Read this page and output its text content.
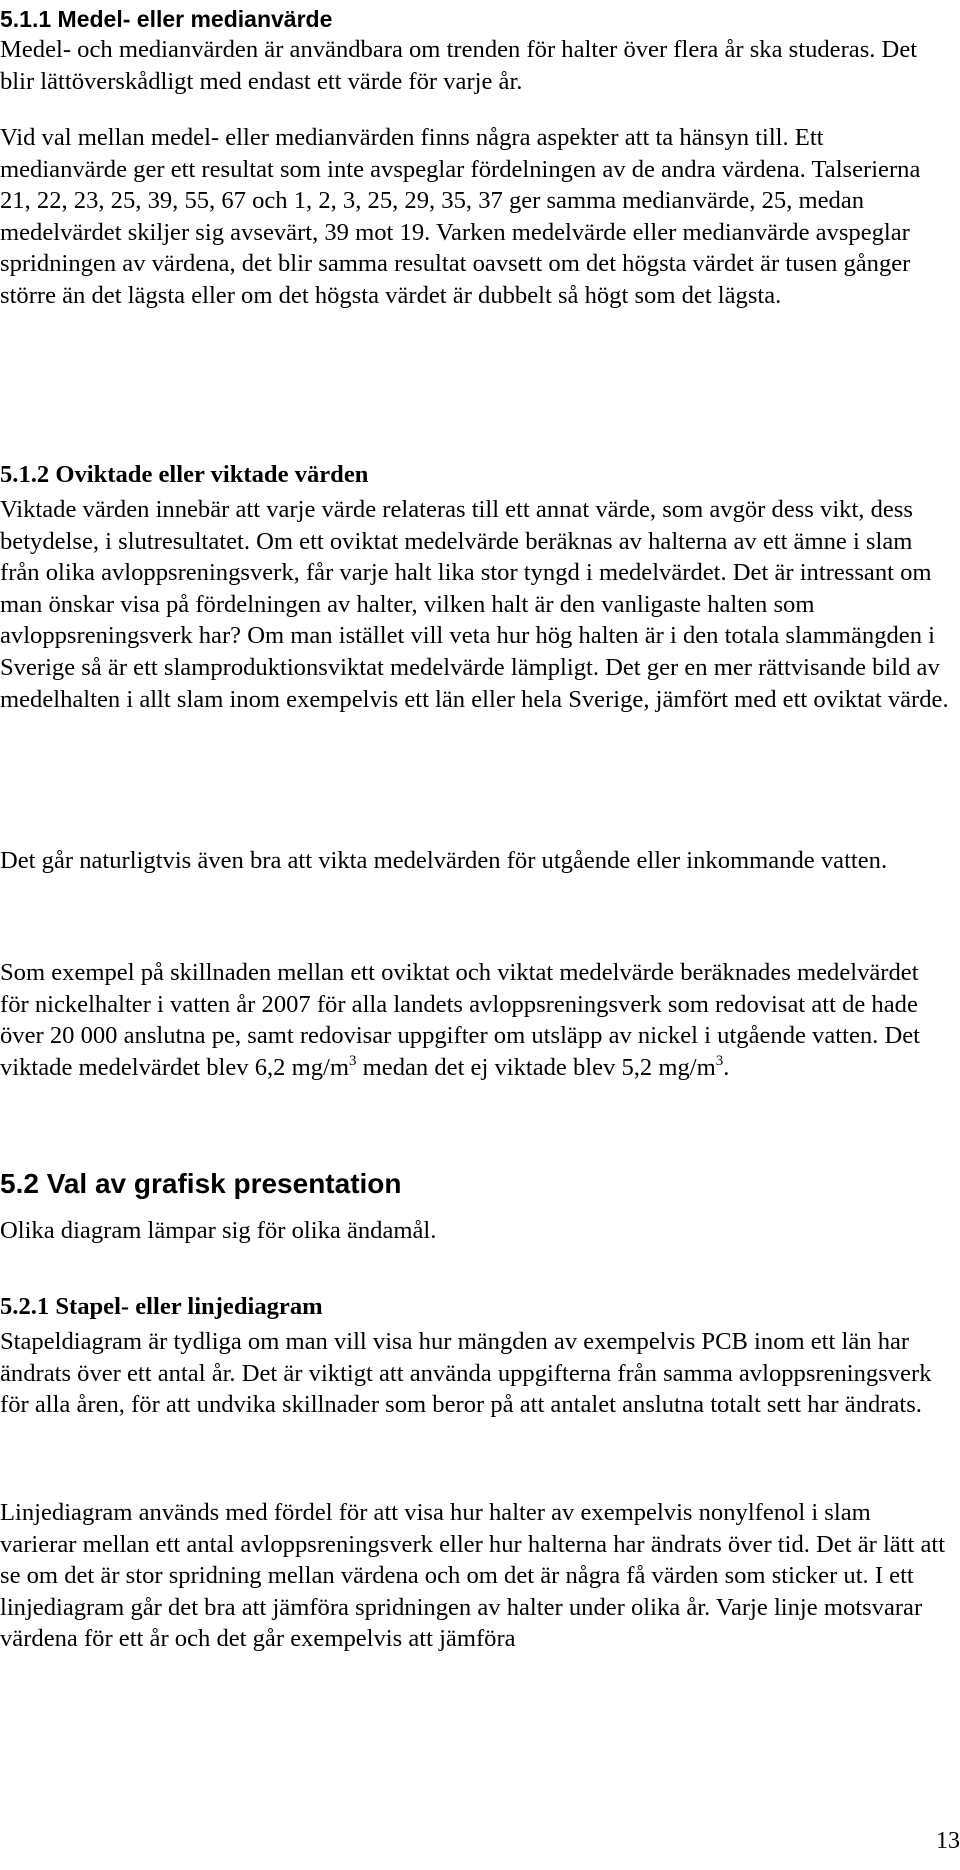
5.1.1 Medel- eller medianvärde

Medel- och medianvärden är användbara om trenden för halter över flera år ska studeras. Det blir lättöverskådligt med endast ett värde för varje år.

Vid val mellan medel- eller medianvärden finns några aspekter att ta hänsyn till. Ett medianvärde ger ett resultat som inte avspeglar fördelningen av de andra värdena. Talserierna 21, 22, 23, 25, 39, 55, 67 och 1, 2, 3, 25, 29, 35, 37 ger samma medianvärde, 25, medan medelvärdet skiljer sig avsevärt, 39 mot 19. Varken medelvärde eller medianvärde avspeglar spridningen av värdena, det blir samma resultat oavsett om det högsta värdet är tusen gånger större än det lägsta eller om det högsta värdet är dubbelt så högt som det lägsta.

5.1.2 Oviktade eller viktade värden

Viktade värden innebär att varje värde relateras till ett annat värde, som avgör dess vikt, dess betydelse, i slutresultatet. Om ett oviktat medelvärde beräknas av halterna av ett ämne i slam från olika avloppsreningsverk, får varje halt lika stor tyngd i medelvärdet. Det är intressant om man önskar visa på fördelningen av halter, vilken halt är den vanligaste halten som avloppsreningsverk har? Om man istället vill veta hur hög halten är i den totala slammängden i Sverige så är ett slamproduktionsviktat medelvärde lämpligt. Det ger en mer rättvisande bild av medelhalten i allt slam inom exempelvis ett län eller hela Sverige, jämfört med ett oviktat värde.

Det går naturligtvis även bra att vikta medelvärden för utgående eller inkommande vatten.

Som exempel på skillnaden mellan ett oviktat och viktat medelvärde beräknades medelvärdet för nickelhalter i vatten år 2007 för alla landets avloppsreningsverk som redovisat att de hade över 20 000 anslutna pe, samt redovisar uppgifter om utsläpp av nickel i utgående vatten. Det viktade medelvärdet blev 6,2 $mg/m^3$ medan det ej viktade blev 5,2 $mg/m^3$.

5.2 Val av grafisk presentation

Olika diagram lämpar sig för olika ändamål.

5.2.1 Stapel- eller linjediagram

Stapeldiagram är tydliga om man vill visa hur mängden av exempelvis PCB inom ett län har ändrats över ett antal år. Det är viktigt att använda uppgifterna från samma avloppsreningsverk för alla åren, för att undvika skillnader som beror på att antalet anslutna totalt sett har ändrats.

Linjediagram används med fördel för att visa hur halter av exempelvis nonylfenol i slam varierar mellan ett antal avloppsreningsverk eller hur halterna har ändrats över tid. Det är lätt att se om det är stor spridning mellan värdena och om det är några få värden som sticker ut. I ett linjediagram går det bra att jämföra spridningen av halter under olika år. Varje linje motsvarar värdena för ett år och det går exempelvis att jämföra

13
